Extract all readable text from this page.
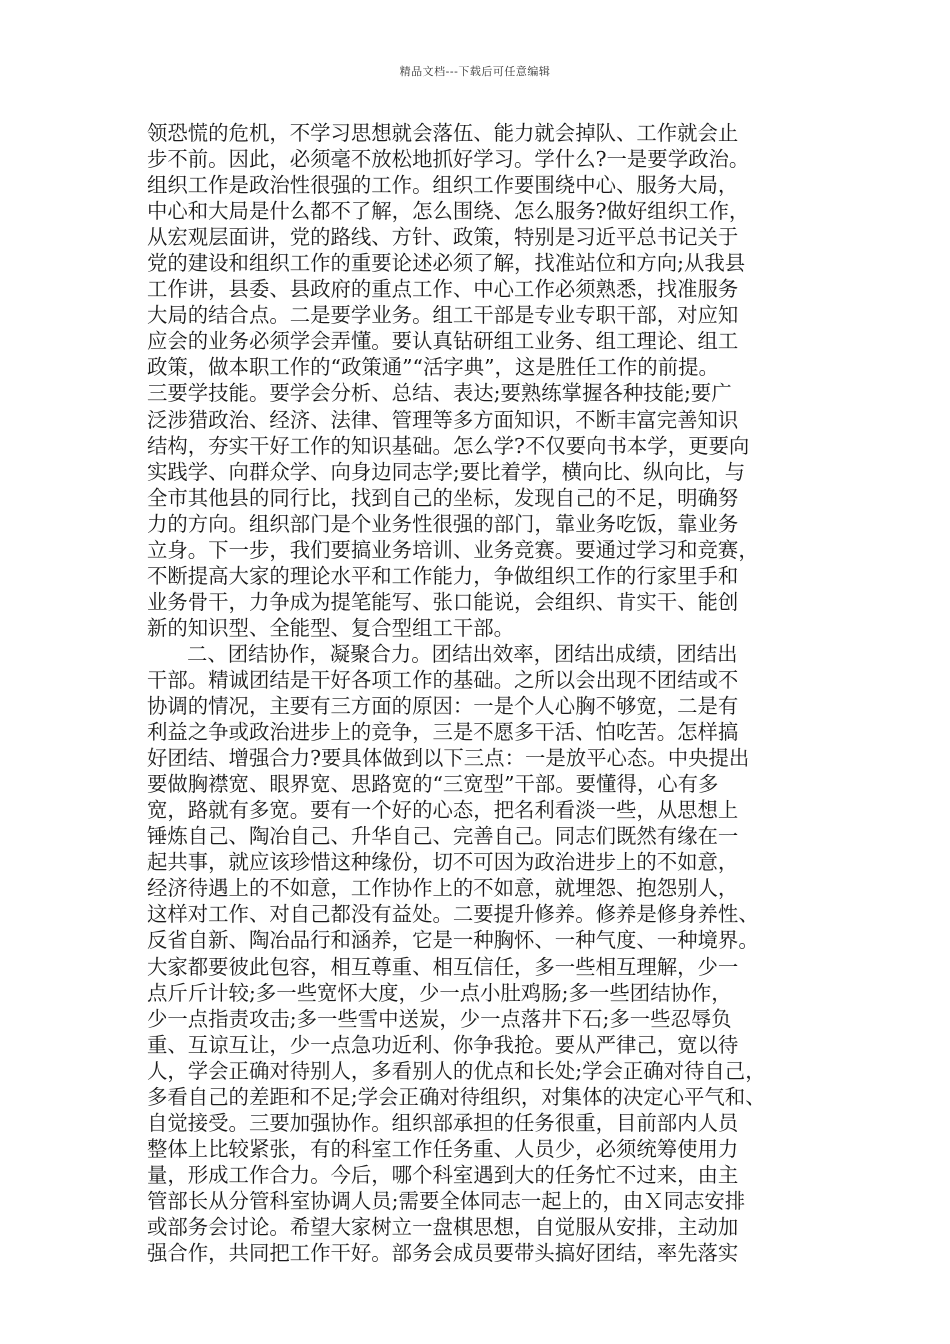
精品文档---下载后可任意编辑
领恐慌的危机，不学习思想就会落伍、能力就会掉队、工作就会止
步不前。因此，必须毫不放松地抓好学习。学什么?一是要学政治。
组织工作是政治性很强的工作。组织工作要围绕中心、服务大局，
中心和大局是什么都不了解，怎么围绕、怎么服务?做好组织工作，
从宏观层面讲，党的路线、方针、政策，特别是习近平总书记关于
党的建设和组织工作的重要论述必须了解，找准站位和方向;从我县
工作讲，县委、县政府的重点工作、中心工作必须熟悉，找准服务
大局的结合点。二是要学业务。组工干部是专业专职干部，对应知
应会的业务必须学会弄懂。要认真钻研组工业务、组工理论、组工
政策，做本职工作的“政策通”“活字典”，这是胜任工作的前提。
三要学技能。要学会分析、总结、表达;要熟练掌握各种技能;要广
泛涉猎政治、经济、法律、管理等多方面知识，不断丰富完善知识
结构，夯实干好工作的知识基础。怎么学?不仅要向书本学，更要向
实践学、向群众学、向身边同志学;要比着学，横向比、纵向比，与
全市其他县的同行比，找到自己的坐标，发现自己的不足，明确努
力的方向。组织部门是个业务性很强的部门，靠业务吃饭，靠业务
立身。下一步，我们要搞业务培训、业务竞赛。要通过学习和竞赛，
不断提高大家的理论水平和工作能力，争做组织工作的行家里手和
业务骨干，力争成为提笔能写、张口能说，会组织、肯实干、能创
新的知识型、全能型、复合型组工干部。
二、团结协作，凝聚合力。团结出效率，团结出成绩，团结出
干部。精诚团结是干好各项工作的基础。之所以会出现不团结或不
协调的情况，主要有三方面的原因：一是个人心胸不够宽，二是有
利益之争或政治进步上的竞争，三是不愿多干活、怕吃苦。怎样搞
好团结、增强合力?要具体做到以下三点：一是放平心态。中央提出
要做胸襟宽、眼界宽、思路宽的“三宽型”干部。要懂得，心有多
宽，路就有多宽。要有一个好的心态，把名利看淡一些，从思想上
锤炼自己、陶冶自己、升华自己、完善自己。同志们既然有缘在一
起共事，就应该珍惜这种缘份，切不可因为政治进步上的不如意，
经济待遇上的不如意，工作协作上的不如意，就埋怨、抱怨别人，
这样对工作、对自己都没有益处。二要提升修养。修养是修身养性、
反省自新、陶冶品行和涵养，它是一种胸怀、一种气度、一种境界。
大家都要彼此包容，相互尊重、相互信任，多一些相互理解，少一
点斤斤计较;多一些宽怀大度，少一点小肚鸡肠;多一些团结协作，
少一点指责攻击;多一些雪中送炭，少一点落井下石;多一些忍辱负
重、互谅互让，少一点急功近利、你争我抢。要从严律己，宽以待
人，学会正确对待别人，多看别人的优点和长处;学会正确对待自己，
多看自己的差距和不足;学会正确对待组织，对集体的决定心平气和、
自觉接受。三要加强协作。组织部承担的任务很重，目前部内人员
整体上比较紧张，有的科室工作任务重、人员少，必须统筹使用力
量，形成工作合力。今后，哪个科室遇到大的任务忙不过来，由主
管部长从分管科室协调人员;需要全体同志一起上的，由Ｘ同志安排
或部务会讨论。希望大家树立一盘棋思想，自觉服从安排，主动加
强合作，共同把工作干好。部务会成员要带头搞好团结，率先落实
